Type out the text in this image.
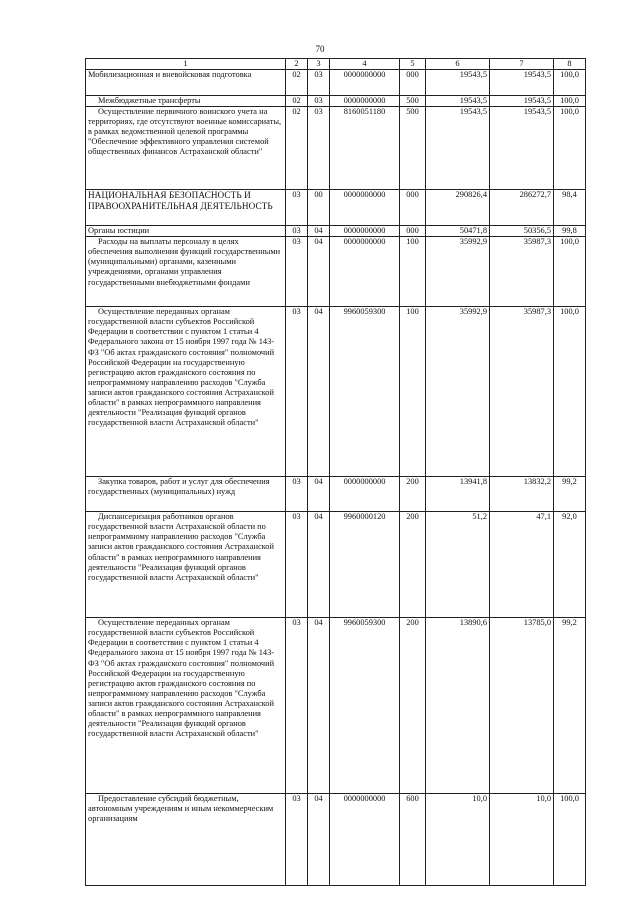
70
1	2	3	4	5	6	7	8
Мобилизационная и вневойсковая подготовка	02	03	0000000000	000	19543,5	19543,5	100,0
Межбюджетные трансферты	02	03	0000000000	500	19543,5	19543,5	100,0
Осуществление первичного воинского учета на территориях, где отсутствуют военные комиссариаты, в рамках ведомственной целевой программы "Обеспечение эффективного управления системой общественных финансов Астраханской области"	02	03	8160051180	500	19543,5	19543,5	100,0
НАЦИОНАЛЬНАЯ БЕЗОПАСНОСТЬ И ПРАВООХРАНИТЕЛЬНАЯ ДЕЯТЕЛЬНОСТЬ	03	00	0000000000	000	290826,4	286272,7	98,4
Органы юстиции	03	04	0000000000	000	50471,8	50356,5	99,8
Расходы на выплаты персоналу в целях обеспечения выполнения функций государственными (муниципальными) органами, казенными учреждениями, органами управления государственными внебюджетными фондами	03	04	0000000000	100	35992,9	35987,3	100,0
Осуществление переданных органам государственной власти субъектов Российской Федерации в соответствии с пунктом 1 статьи 4 Федерального закона от 15 ноября 1997 года № 143-ФЗ "Об актах гражданского состояния" полномочий Российской Федерации на государственную регистрацию актов гражданского состояния по непрограммному направлению расходов "Служба записи актов гражданского состояния Астраханской области" в рамках непрограммного направления деятельности "Реализация функций органов государственной власти Астраханской области"	03	04	9960059300	100	35992,9	35987,3	100,0
Закупка товаров, работ и услуг для обеспечения государственных (муниципальных) нужд	03	04	0000000000	200	13941,8	13832,2	99,2
Диспансеризация работников органов государственной власти Астраханской области по непрограммному направлению расходов "Служба записи актов гражданского состояния Астраханской области" в рамках непрограммного направления деятельности "Реализация функций органов государственной власти Астраханской области"	03	04	9960000120	200	51,2	47,1	92,0
Осуществление переданных органам государственной власти субъектов Российской Федерации в соответствии с пунктом 1 статьи 4 Федерального закона от 15 ноября 1997 года № 143-ФЗ "Об актах гражданского состояния" полномочий Российской Федерации на государственную регистрацию актов гражданского состояния по непрограммному направлению расходов "Служба записи актов гражданского состояния Астраханской области" в рамках непрограммного направления деятельности "Реализация функций органов государственной власти Астраханской области"	03	04	9960059300	200	13890,6	13785,0	99,2
Предоставление субсидий бюджетным, автономным учреждениям и иным некоммерческим организациям	03	04	0000000000	600	10,0	10,0	100,0
